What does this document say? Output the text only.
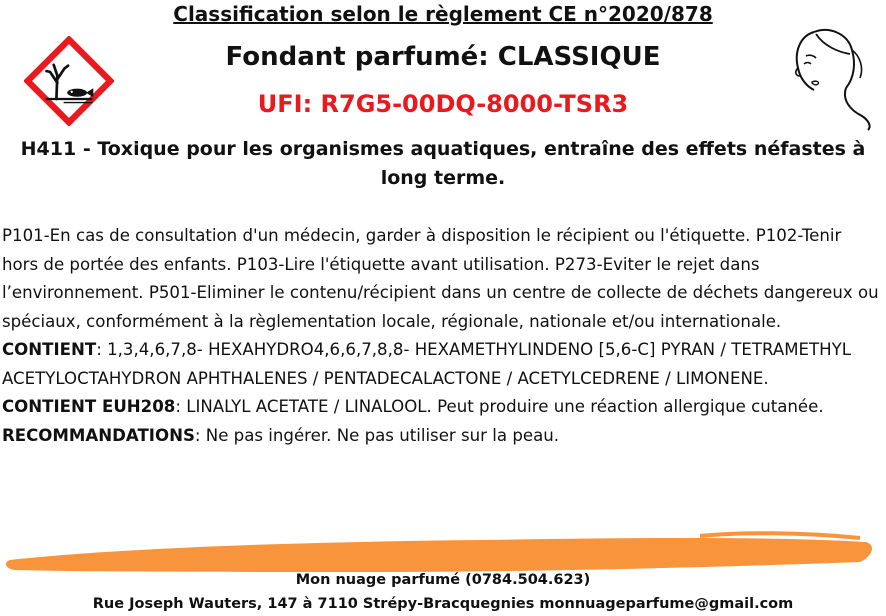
Classification selon le règlement CE n°2020/878
Fondant parfumé: CLASSIQUE
UFI: R7G5-00DQ-8000-TSR3
H411 - Toxique pour les organismes aquatiques, entraîne des effets néfastes à long terme.

P101-En cas de consultation d'un médecin, garder à disposition le récipient ou l'étiquette. P102-Tenir hors de portée des enfants. P103-Lire l'étiquette avant utilisation. P273-Eviter le rejet dans l’environnement. P501-Eliminer le contenu/récipient dans un centre de collecte de déchets dangereux ou spéciaux, conformément à la règlementation locale, régionale, nationale et/ou internationale.

CONTIENT: 1,3,4,6,7,8- HEXAHYDRO4,6,6,7,8,8- HEXAMETHYLINDENO [5,6-C] PYRAN / TETRAMETHYL ACETYLOCTAHYDRON APHTHALENES / PENTADECALACTONE / ACETYLCEDRENE / LIMONENE.

CONTIENT EUH208: LINALYL ACETATE / LINALOOL. Peut produire une réaction allergique cutanée.

RECOMMANDATIONS: Ne pas ingérer. Ne pas utiliser sur la peau.

Mon nuage parfumé (0784.504.623)
Rue Joseph Wauters, 147 à 7110 Strépy-Bracquegnies monnuageparfume@gmail.com
